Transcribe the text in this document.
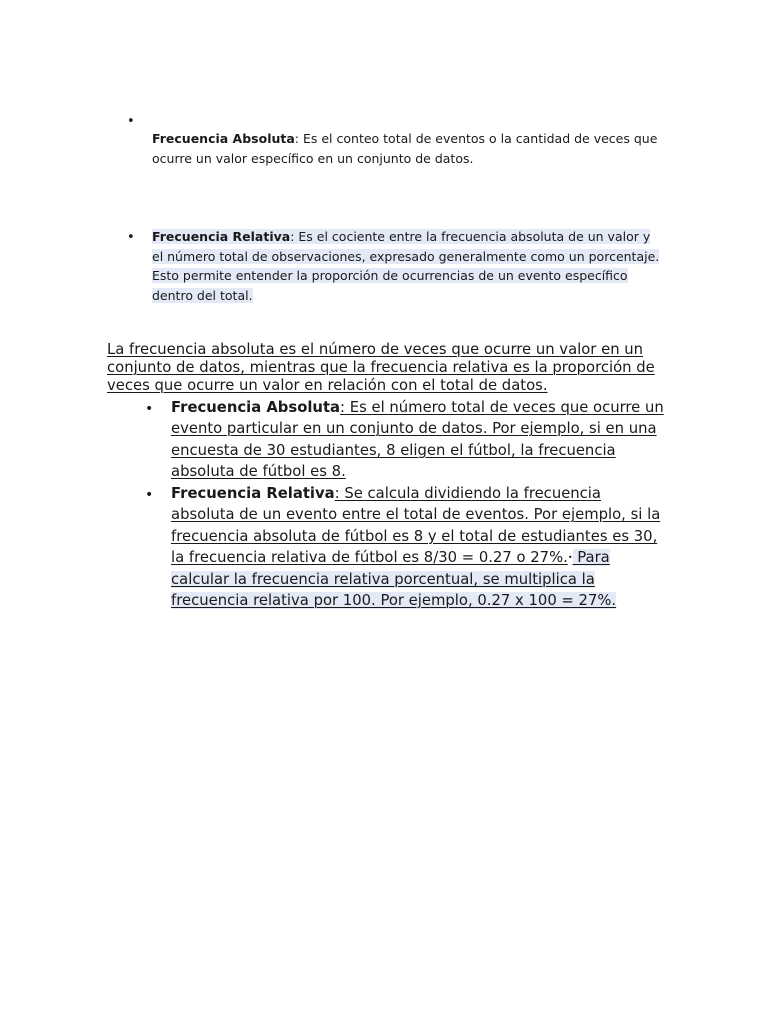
•
Frecuencia Absoluta: Es el conteo total de eventos o la cantidad de veces que ocurre un valor específico en un conjunto de datos.
• Frecuencia Relativa: Es el cociente entre la frecuencia absoluta de un valor y el número total de observaciones, expresado generalmente como un porcentaje. Esto permite entender la proporción de ocurrencias de un evento específico dentro del total.
La frecuencia absoluta es el número de veces que ocurre un valor en un conjunto de datos, mientras que la frecuencia relativa es la proporción de veces que ocurre un valor en relación con el total de datos.
• Frecuencia Absoluta: Es el número total de veces que ocurre un evento particular en un conjunto de datos. Por ejemplo, si en una encuesta de 30 estudiantes, 8 eligen el fútbol, la frecuencia absoluta de fútbol es 8.
• Frecuencia Relativa: Se calcula dividiendo la frecuencia absoluta de un evento entre el total de eventos. Por ejemplo, si la frecuencia absoluta de fútbol es 8 y el total de estudiantes es 30, la frecuencia relativa de fútbol es 8/30 = 0.27 o 27%.• Para calcular la frecuencia relativa porcentual, se multiplica la frecuencia relativa por 100. Por ejemplo, 0.27 x 100 = 27%.
